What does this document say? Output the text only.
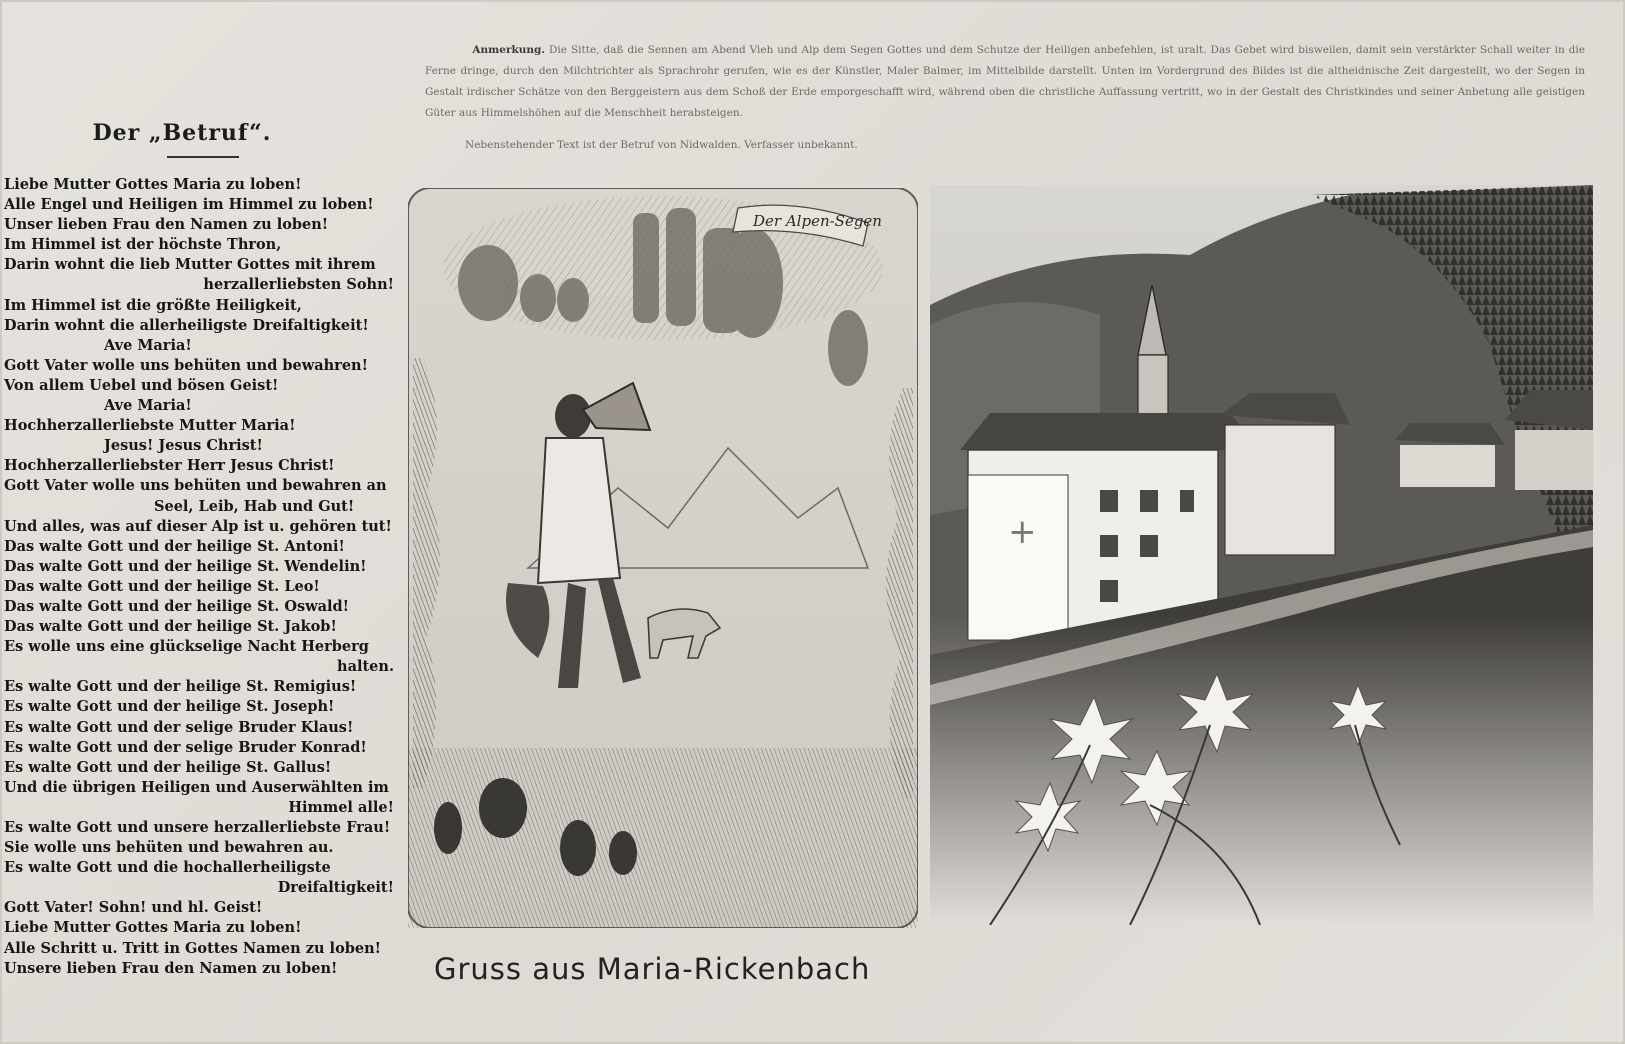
Der „Betruf“.
Liebe Mutter Gottes Maria zu loben!
Alle Engel und Heiligen im Himmel zu loben!
Unser lieben Frau den Namen zu loben!
Im Himmel ist der höchste Thron,
Darin wohnt die lieb Mutter Gottes mit ihrem
herzallerliebsten Sohn!
Im Himmel ist die größte Heiligkeit,
Darin wohnt die allerheiligste Dreifaltigkeit!
Ave Maria!
Gott Vater wolle uns behüten und bewahren!
Von allem Uebel und bösen Geist!
Ave Maria!
Hochherzallerliebste Mutter Maria!
Jesus! Jesus Christ!
Hochherzallerliebster Herr Jesus Christ!
Gott Vater wolle uns behüten und bewahren an
Seel, Leib, Hab und Gut!
Und alles, was auf dieser Alp ist u. gehören tut!
Das walte Gott und der heilige St. Antoni!
Das walte Gott und der heilige St. Wendelin!
Das walte Gott und der heilige St. Leo!
Das walte Gott und der heilige St. Oswald!
Das walte Gott und der heilige St. Jakob!
Es wolle uns eine glückselige Nacht Herberg
halten.
Es walte Gott und der heilige St. Remigius!
Es walte Gott und der heilige St. Joseph!
Es walte Gott und der selige Bruder Klaus!
Es walte Gott und der selige Bruder Konrad!
Es walte Gott und der heilige St. Gallus!
Und die übrigen Heiligen und Auserwählten im
Himmel alle!
Es walte Gott und unsere herzallerliebste Frau!
Sie wolle uns behüten und bewahren au.
Es walte Gott und die hochallerheiligste
Dreifaltigkeit!
Gott Vater! Sohn! und hl. Geist!
Liebe Mutter Gottes Maria zu loben!
Alle Schritt u. Tritt in Gottes Namen zu loben!
Unsere lieben Frau den Namen zu loben!
Anmerkung. Die Sitte, daß die Sennen am Abend Vieh und Alp dem Segen Gottes und dem Schutze der Heiligen anbefehlen, ist uralt. Das Gebet wird bisweilen, damit sein verstärkter Schall weiter in die Ferne dringe, durch den Milchtrichter als Sprachrohr gerufen, wie es der Künstler, Maler Balmer, im Mittelbilde darstellt. Unten im Vordergrund des Bildes ist die altheidnische Zeit dargestellt, wo der Segen in Gestalt irdischer Schätze von den Berggeistern aus dem Schoß der Erde emporgeschafft wird, während oben die christliche Auffassung vertritt, wo in der Gestalt des Christkindes und seiner Anbetung alle geistigen Güter aus Himmelshöhen auf die Menschheit herabsteigen.
Nebenstehender Text ist der Betruf von Nidwalden. Verfasser unbekannt.
Der Alpen-Segen
+
Gruss aus Maria-Rickenbach
